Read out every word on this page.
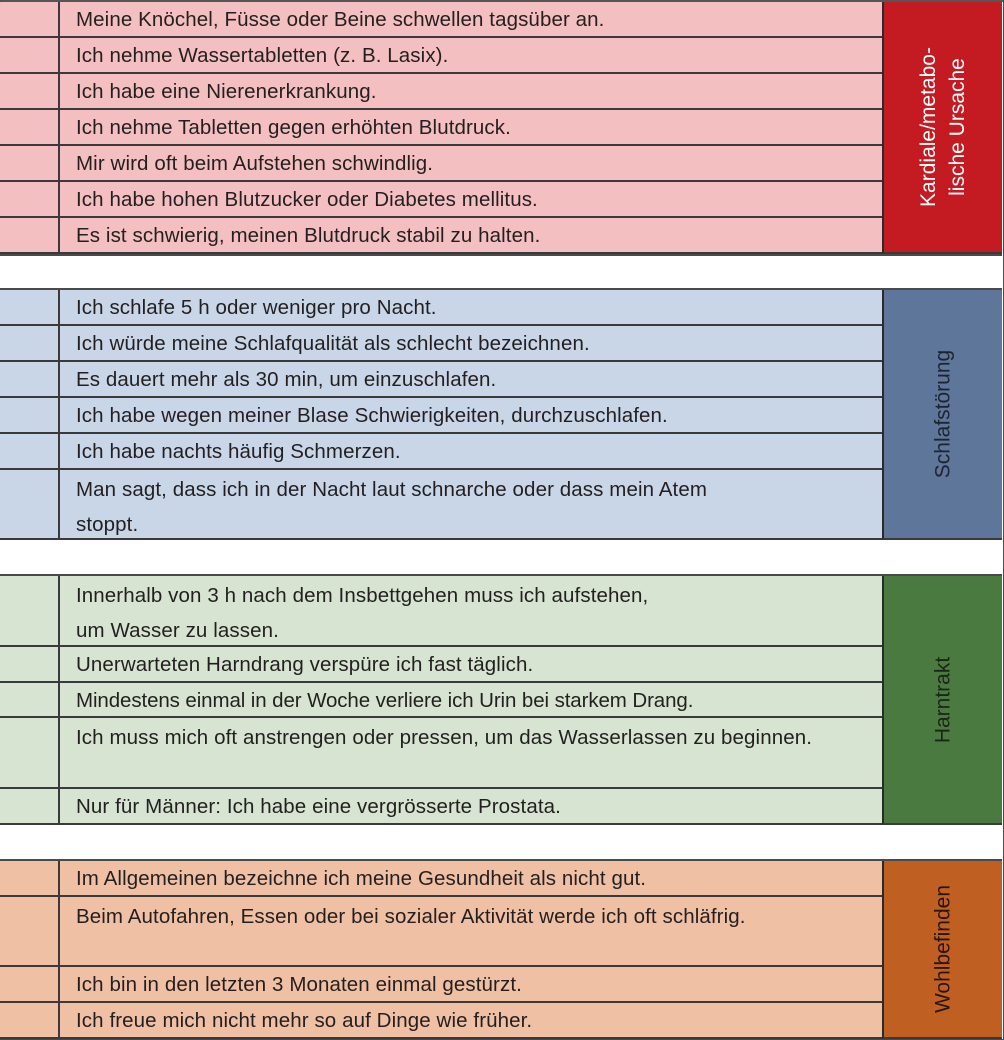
Meine Knöchel, Füsse oder Beine schwellen tagsüber an.
Ich nehme Wassertabletten (z. B. Lasix).
Ich habe eine Nierenerkrankung.
Ich nehme Tabletten gegen erhöhten Blutdruck.
Mir wird oft beim Aufstehen schwindlig.
Ich habe hohen Blutzucker oder Diabetes mellitus.
Es ist schwierig, meinen Blutdruck stabil zu halten.
Kardiale/metabo- lische Ursache
Ich schlafe 5 h oder weniger pro Nacht.
Ich würde meine Schlafqualität als schlecht bezeichnen.
Es dauert mehr als 30 min, um einzuschlafen.
Ich habe wegen meiner Blase Schwierigkeiten, durchzuschlafen.
Ich habe nachts häufig Schmerzen.
Man sagt, dass ich in der Nacht laut schnarche oder dass mein Atem stoppt.
Schlafstörung
Innerhalb von 3 h nach dem Insbettgehen muss ich aufstehen, um Wasser zu lassen.
Unerwarteten Harndrang verspüre ich fast täglich.
Mindestens einmal in der Woche verliere ich Urin bei starkem Drang.
Ich muss mich oft anstrengen oder pressen, um das Wasserlassen zu beginnen.
Nur für Männer: Ich habe eine vergrösserte Prostata.
Harntrakt
Im Allgemeinen bezeichne ich meine Gesundheit als nicht gut.
Beim Autofahren, Essen oder bei sozialer Aktivität werde ich oft schläfrig.
Ich bin in den letzten 3 Monaten einmal gestürzt.
Ich freue mich nicht mehr so auf Dinge wie früher.
Wohlbefinden
